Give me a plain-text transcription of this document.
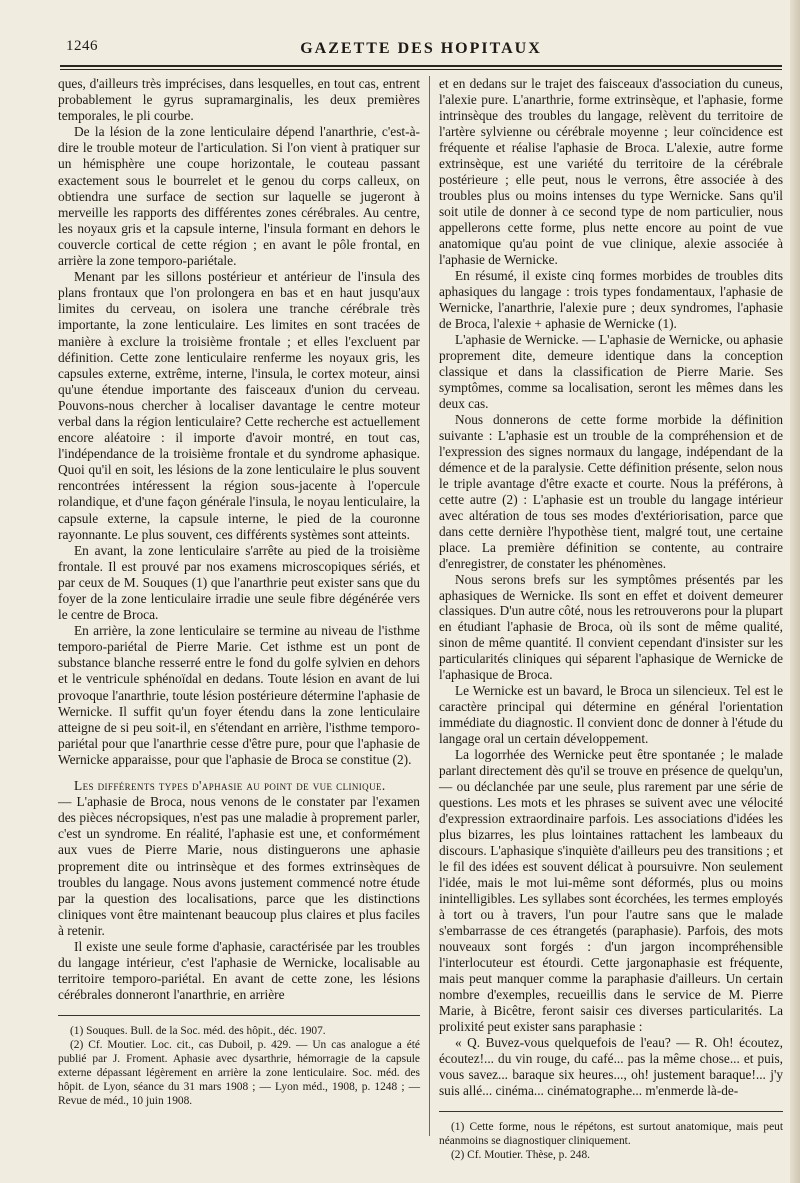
1246	GAZETTE DES HOPITAUX

ques, d'ailleurs très imprécises, dans lesquelles, en tout cas, entrent probablement le gyrus supramarginalis, les deux premières temporales, le pli courbe.

De la lésion de la zone lenticulaire dépend l'anarthrie, c'est-à-dire le trouble moteur de l'articulation. Si l'on vient à pratiquer sur un hémisphère une coupe horizontale, le couteau passant exactement sous le bourrelet et le genou du corps calleux, on obtiendra une surface de section sur laquelle se jugeront à merveille les rapports des différentes zones cérébrales. Au centre, les noyaux gris et la capsule interne, l'insula formant en dehors le couvercle cortical de cette région ; en avant le pôle frontal, en arrière la zone temporo-pariétale.

Menant par les sillons postérieur et antérieur de l'insula des plans frontaux que l'on prolongera en bas et en haut jusqu'aux limites du cerveau, on isolera une tranche cérébrale très importante, la zone lenticulaire. Les limites en sont tracées de manière à exclure la troisième frontale ; et elles l'excluent par définition. Cette zone lenticulaire renferme les noyaux gris, les capsules externe, extrême, interne, l'insula, le cortex moteur, ainsi qu'une étendue importante des faisceaux d'union du cerveau. Pouvons-nous chercher à localiser davantage le centre moteur verbal dans la région lenticulaire? Cette recherche est actuellement encore aléatoire : il importe d'avoir montré, en tout cas, l'indépendance de la troisième frontale et du syndrome aphasique. Quoi qu'il en soit, les lésions de la zone lenticulaire le plus souvent rencontrées intéressent la région sous-jacente à l'opercule rolandique, et d'une façon générale l'insula, le noyau lenticulaire, la capsule externe, la capsule interne, le pied de la couronne rayonnante. Le plus souvent, ces différents systèmes sont atteints.

En avant, la zone lenticulaire s'arrête au pied de la troisième frontale. Il est prouvé par nos examens microscopiques sériés, et par ceux de M. Souques (1) que l'anarthrie peut exister sans que du foyer de la zone lenticulaire irradie une seule fibre dégénérée vers le centre de Broca.

En arrière, la zone lenticulaire se termine au niveau de l'isthme temporo-pariétal de Pierre Marie. Cet isthme est un pont de substance blanche resserré entre le fond du golfe sylvien en dehors et le ventricule sphénoïdal en dedans. Toute lésion en avant de lui provoque l'anarthrie, toute lésion postérieure détermine l'aphasie de Wernicke. Il suffit qu'un foyer étendu dans la zone lenticulaire atteigne de si peu soit-il, en s'étendant en arrière, l'isthme temporo-pariétal pour que l'anarthrie cesse d'être pure, pour que l'aphasie de Wernicke apparaisse, pour que l'aphasie de Broca se constitue (2).

Les différents types d'aphasie au point de vue clinique.

— L'aphasie de Broca, nous venons de le constater par l'examen des pièces nécropsiques, n'est pas une maladie à proprement parler, c'est un syndrome. En réalité, l'aphasie est une, et conformément aux vues de Pierre Marie, nous distinguerons une aphasie proprement dite ou intrinsèque et des formes extrinsèques de troubles du langage. Nous avons justement commencé notre étude par la question des localisations, parce que les distinctions cliniques vont être maintenant beaucoup plus claires et plus faciles à retenir.

Il existe une seule forme d'aphasie, caractérisée par les troubles du langage intérieur, c'est l'aphasie de Wernicke, localisable au territoire temporo-pariétal. En avant de cette zone, les lésions cérébrales donneront l'anarthrie, en arrière

(1) Souques. Bull. de la Soc. méd. des hôpit., déc. 1907.

(2) Cf. Moutier. Loc. cit., cas Duboil, p. 429. — Un cas analogue a été publié par J. Froment. Aphasie avec dysarthrie, hémorragie de la capsule externe dépassant légèrement en arrière la zone lenticulaire. Soc. méd. des hôpit. de Lyon, séance du 31 mars 1908 ; — Lyon méd., 1908, p. 1248 ; — Revue de méd., 10 juin 1908.

et en dedans sur le trajet des faisceaux d'association du cuneus, l'alexie pure. L'anarthrie, forme extrinsèque, et l'aphasie, forme intrinsèque des troubles du langage, relèvent du territoire de l'artère sylvienne ou cérébrale moyenne ; leur coïncidence est fréquente et réalise l'aphasie de Broca. L'alexie, autre forme extrinsèque, est une variété du territoire de la cérébrale postérieure ; elle peut, nous le verrons, être associée à des troubles plus ou moins intenses du type Wernicke. Sans qu'il soit utile de donner à ce second type de nom particulier, nous appellerons cette forme, plus nette encore au point de vue anatomique qu'au point de vue clinique, alexie associée à l'aphasie de Wernicke.

En résumé, il existe cinq formes morbides de troubles dits aphasiques du langage : trois types fondamentaux, l'aphasie de Wernicke, l'anarthrie, l'alexie pure ; deux syndromes, l'aphasie de Broca, l'alexie + aphasie de Wernicke (1).

L'aphasie de Wernicke. — L'aphasie de Wernicke, ou aphasie proprement dite, demeure identique dans la conception classique et dans la classification de Pierre Marie. Ses symptômes, comme sa localisation, seront les mêmes dans les deux cas.

Nous donnerons de cette forme morbide la définition suivante : L'aphasie est un trouble de la compréhension et de l'expression des signes normaux du langage, indépendant de la démence et de la paralysie. Cette définition présente, selon nous le triple avantage d'être exacte et courte. Nous la préférons, à cette autre (2) : L'aphasie est un trouble du langage intérieur avec altération de tous ses modes d'extériorisation, parce que dans cette dernière l'hypothèse tient, malgré tout, une certaine place. La première définition se contente, au contraire d'enregistrer, de constater les phénomènes.

Nous serons brefs sur les symptômes présentés par les aphasiques de Wernicke. Ils sont en effet et doivent demeurer classiques. D'un autre côté, nous les retrouverons pour la plupart en étudiant l'aphasie de Broca, où ils sont de même qualité, sinon de même quantité. Il convient cependant d'insister sur les particularités cliniques qui séparent l'aphasique de Wernicke de l'aphasique de Broca.

Le Wernicke est un bavard, le Broca un silencieux. Tel est le caractère principal qui détermine en général l'orientation immédiate du diagnostic. Il convient donc de donner à l'étude du langage oral un certain développement.

La logorrhée des Wernicke peut être spontanée ; le malade parlant directement dès qu'il se trouve en présence de quelqu'un, — ou déclanchée par une seule, plus rarement par une série de questions. Les mots et les phrases se suivent avec une vélocité d'expression extraordinaire parfois. Les associations d'idées les plus bizarres, les plus lointaines rattachent les lambeaux du discours. L'aphasique s'inquiète d'ailleurs peu des transitions ; et le fil des idées est souvent délicat à poursuivre. Non seulement l'idée, mais le mot lui-même sont déformés, plus ou moins inintelligibles. Les syllabes sont écorchées, les termes employés à tort ou à travers, l'un pour l'autre sans que le malade s'embarrasse de ces étrangetés (paraphasie). Parfois, des mots nouveaux sont forgés : d'un jargon incompréhensible l'interlocuteur est étourdi. Cette jargonaphasie est fréquente, mais peut manquer comme la paraphasie d'ailleurs. Un certain nombre d'exemples, recueillis dans le service de M. Pierre Marie, à Bicêtre, feront saisir ces diverses particularités. La prolixité peut exister sans paraphasie :

« Q. Buvez-vous quelquefois de l'eau? — R. Oh! écoutez, écoutez!... du vin rouge, du café... pas la même chose... et puis, vous savez... baraque six heures..., oh! justement baraque!... j'y suis allé... cinéma... cinématographe... m'enmerde là-de-

(1) Cette forme, nous le répétons, est surtout anatomique, mais peut néanmoins se diagnostiquer cliniquement.

(2) Cf. Moutier. Thèse, p. 248.
